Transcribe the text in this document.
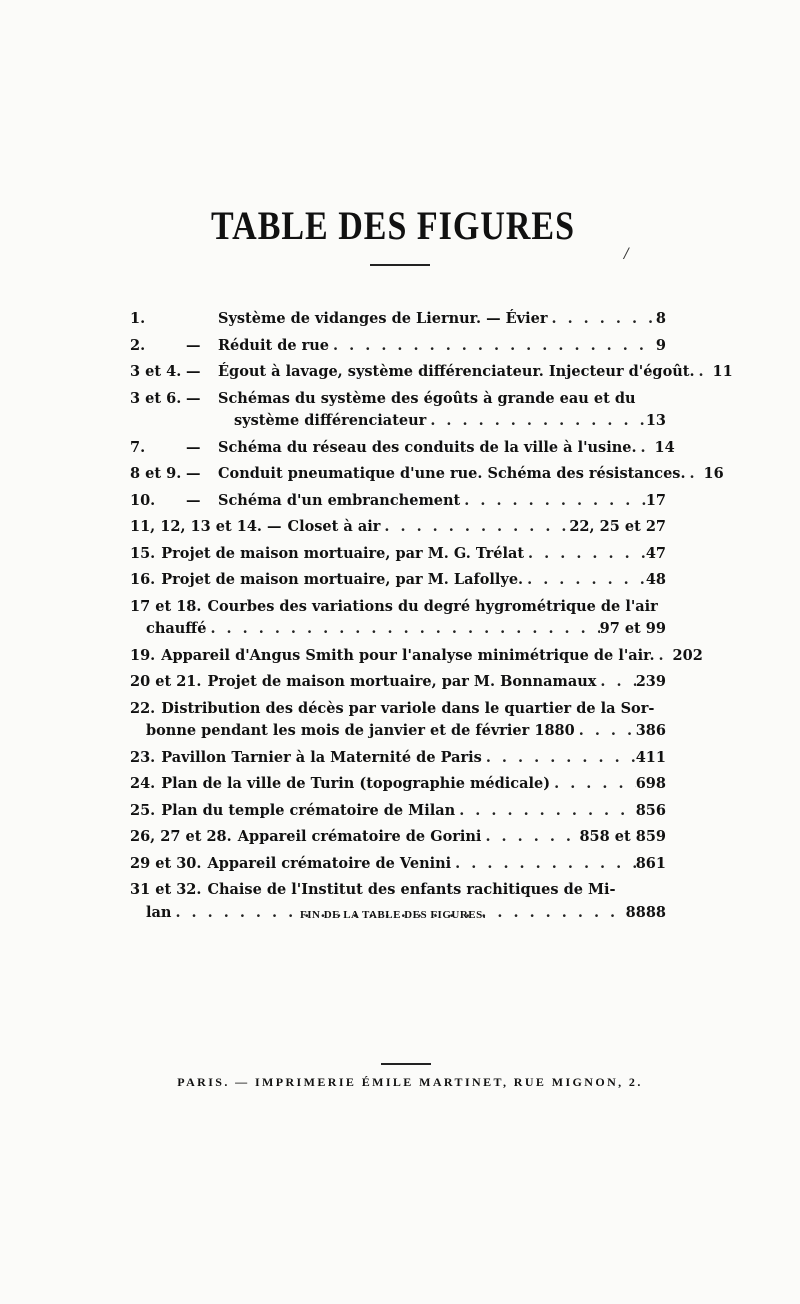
TABLE DES FIGURES
/
1.	Système de vidanges de Liernur. — Évier . . .	8
2.	— Réduit de rue . . .	9
3 et 4. — Égout à lavage, système différenciateur. Injecteur d'égoût. . . . 11
3 et 6. — Schémas du système des égoûts à grande eau et du
système différenciateur . . .	13
7.	— Schéma du réseau des conduits de la ville à l'usine. . . . 14
8 et 9. — Conduit pneumatique d'une rue. Schéma des résistances. . . . 16
10. — Schéma d'un embranchement . . .	17
11, 12, 13 et 14. — Closet à air . . .	22, 25 et 27
15. Projet de maison mortuaire, par M. G. Trélat . . .	47
16. Projet de maison mortuaire, par M. Lafollye. . . .	48
17 et 18. Courbes des variations du degré hygrométrique de l'air
chauffé . . .	97 et 99
19. Appareil d'Angus Smith pour l'analyse minimétrique de l'air. . . . 202
20 et 21. Projet de maison mortuaire, par M. Bonnamaux . . .	239
22. Distribution des décès par variole dans le quartier de la Sor-
bonne pendant les mois de janvier et de février 1880 . . .	386
23. Pavillon Tarnier à la Maternité de Paris . . .	411
24. Plan de la ville de Turin (topographie médicale) . . .	698
25. Plan du temple crématoire de Milan . . .	856
26, 27 et 28. Appareil crématoire de Gorini . . .	858 et 859
29 et 30. Appareil crématoire de Venini . . .	861
31 et 32. Chaise de l'Institut des enfants rachitiques de Mi-
lan . . .	8888
FIN DE LA TABLE DES FIGURES.
PARIS. — IMPRIMERIE ÉMILE MARTINET, RUE MIGNON, 2.
